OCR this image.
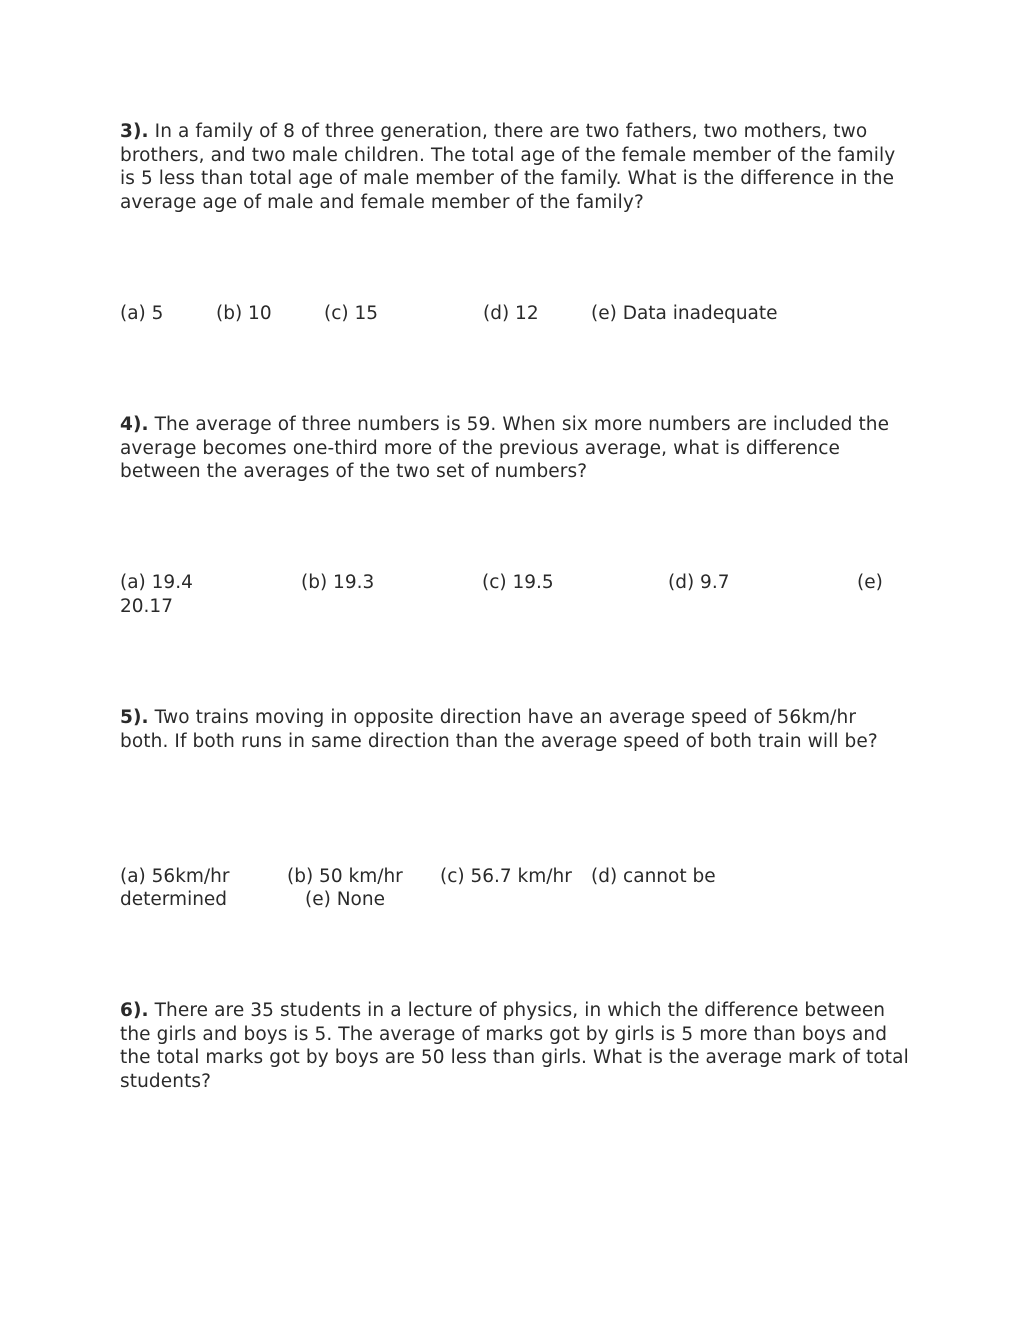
3). In a family of 8 of three generation, there are two fathers, two mothers, two brothers, and two male children. The total age of the female member of the family is 5 less than total age of male member of the family. What is the difference in the average age of male and female member of the family?
(a) 5	(b) 10	(c) 15	(d) 12	(e) Data inadequate
4). The average of three numbers is 59. When six more numbers are included the average becomes one-third more of the previous average, what is difference between the averages of the two set of numbers?
(a) 19.4	(b) 19.3	(c) 19.5	(d) 9.7	(e)
20.17
5). Two trains moving in opposite direction have an average speed of 56km/hr both. If both runs in same direction than the average speed of both train will be?
(a) 56km/hr	(b) 50 km/hr (c) 56.7 km/hr (d) cannot be
determined	(e) None
6). There are 35 students in a lecture of physics, in which the difference between the girls and boys is 5. The average of marks got by girls is 5 more than boys and the total marks got by boys are 50 less than girls. What is the average mark of total students?
